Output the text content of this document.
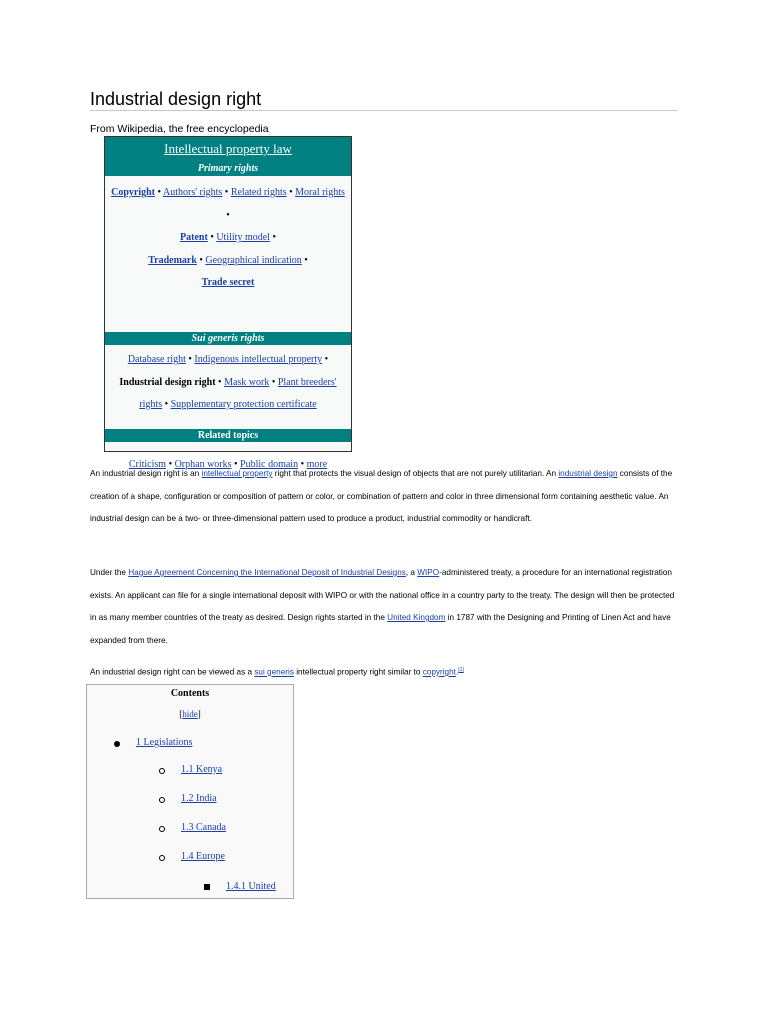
Industrial design right
From Wikipedia, the free encyclopedia
Intellectual property law
Primary rights
Copyright • Authors' rights • Related rights • Moral rights •
Patent • Utility model •
Trademark • Geographical indication •
Trade secret
Sui generis rights
Database right • Indigenous intellectual property • Industrial design right • Mask work • Plant breeders' rights • Supplementary protection certificate
Related topics
Criticism • Orphan works • Public domain • more
An industrial design right is an intellectual property right that protects the visual design of objects that are not purely utilitarian. An industrial design consists of the creation of a shape, configuration or composition of pattern or color, or combination of pattern and color in three dimensional form containing aesthetic value. An industrial design can be a two- or three-dimensional pattern used to produce a product, industrial commodity or handicraft.
Under the Hague Agreement Concerning the International Deposit of Industrial Designs, a WIPO-administered treaty, a procedure for an international registration exists. An applicant can file for a single international deposit with WIPO or with the national office in a country party to the treaty. The design will then be protected in as many member countries of the treaty as desired. Design rights started in the United Kingdom in 1787 with the Designing and Printing of Linen Act and have expanded from there.
An industrial design right can be viewed as a sui generis intellectual property right similar to copyright.[1]
Contents
[hide]
1 Legislations
1.1 Kenya
1.2 India
1.3 Canada
1.4 Europe
1.4.1 United
